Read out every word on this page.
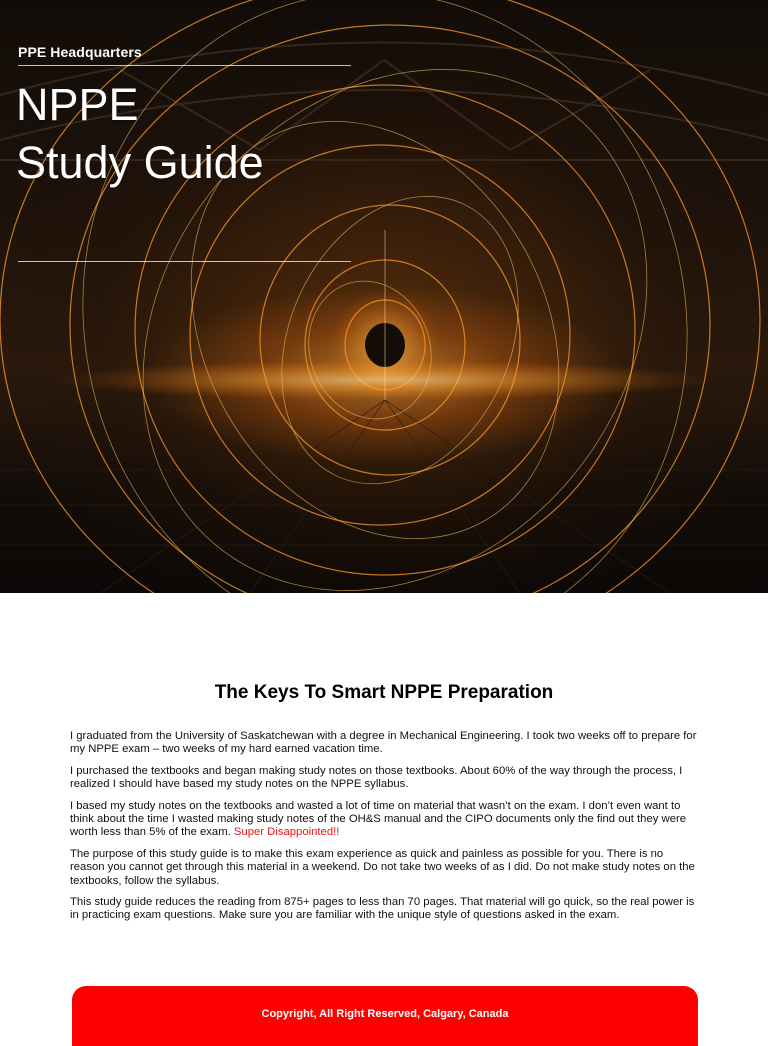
PPE Headquarters
NPPE
Study Guide
The Keys To Smart NPPE Preparation

I graduated from the University of Saskatchewan with a degree in Mechanical Engineering. I took two weeks off to prepare for my NPPE exam – two weeks of my hard earned vacation time.

I purchased the textbooks and began making study notes on those textbooks. About 60% of the way through the process, I realized I should have based my study notes on the NPPE syllabus.

I based my study notes on the textbooks and wasted a lot of time on material that wasn’t on the exam. I don’t even want to think about the time I wasted making study notes of the OH&S manual and the CIPO documents only the find out they were worth less than 5% of the exam. Super Disappointed!!

The purpose of this study guide is to make this exam experience as quick and painless as possible for you. There is no reason you cannot get through this material in a weekend. Do not take two weeks of as I did. Do not make study notes on the textbooks, follow the syllabus.

This study guide reduces the reading from 875+ pages to less than 70 pages. That material will go quick, so the real power is in practicing exam questions. Make sure you are familiar with the unique style of questions asked in the exam.

Copyright, All Right Reserved, Calgary, Canada
